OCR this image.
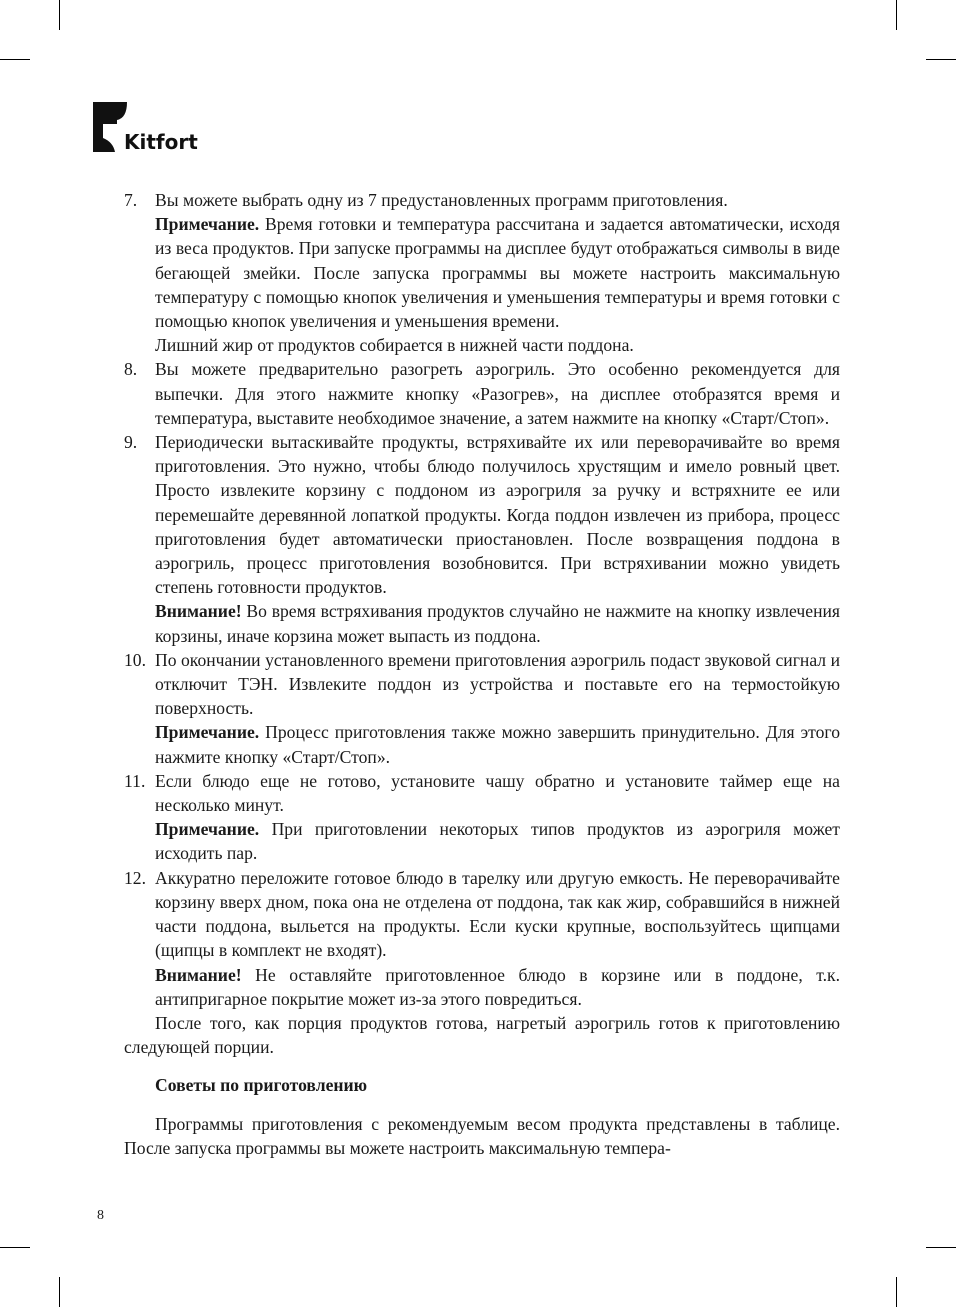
Kitfort
7.	Вы можете выбрать одну из 7 предустановленных программ приготовления.

Примечание. Время готовки и температура рассчитана и задается автоматически, исходя из веса продуктов. При запуске программы на дисплее будут отображаться символы в виде бегающей змейки. После запуска программы вы можете настроить максимальную температуру с помощью кнопок увеличения и уменьшения температуры и время готовки с помощью кнопок увеличения и уменьшения времени.

Лишний жир от продуктов собирается в нижней части поддона.

8.	Вы можете предварительно разогреть аэрогриль. Это особенно рекомендуется для выпечки. Для этого нажмите кнопку «Разогрев», на дисплее отобразятся время и температура, выставите необходимое значение, а затем нажмите на кнопку «Старт/Стоп».

9.	Периодически вытаскивайте продукты, встряхивайте их или переворачивайте во время приготовления. Это нужно, чтобы блюдо получилось хрустящим и имело ровный цвет. Просто извлеките корзину с поддоном из аэрогриля за ручку и встряхните ее или перемешайте деревянной лопаткой продукты. Когда поддон извлечен из прибора, процесс приготовления будет автоматически приостановлен. После возвращения поддона в аэрогриль, процесс приготовления возобновится. При встряхивании можно увидеть степень готовности продуктов.

Внимание! Во время встряхивания продуктов случайно не нажмите на кнопку извлечения корзины, иначе корзина может выпасть из поддона.

10. По окончании установленного времени приготовления аэрогриль подаст звуковой сигнал и отключит ТЭН. Извлеките поддон из устройства и поставьте его на термостойкую поверхность.

Примечание. Процесс приготовления также можно завершить принудительно. Для этого нажмите кнопку «Старт/Стоп».

11. Если блюдо еще не готово, установите чашу обратно и установите таймер еще на несколько минут.

Примечание. При приготовлении некоторых типов продуктов из аэрогриля может исходить пар.

12. Аккуратно переложите готовое блюдо в тарелку или другую емкость. Не переворачивайте корзину вверх дном, пока она не отделена от поддона, так как жир, собравшийся в нижней части поддона, выльется на продукты. Если куски крупные, воспользуйтесь щипцами (щипцы в комплект не входят).

Внимание! Не оставляйте приготовленное блюдо в корзине или в поддоне, т.к. антипригарное покрытие может из-за этого повредиться.

После того, как порция продуктов готова, нагретый аэрогриль готов к приготовлению следующей порции.

Советы по приготовлению

Программы приготовления с рекомендуемым весом продукта представлены в таблице. После запуска программы вы можете настроить максимальную темпера-

8
